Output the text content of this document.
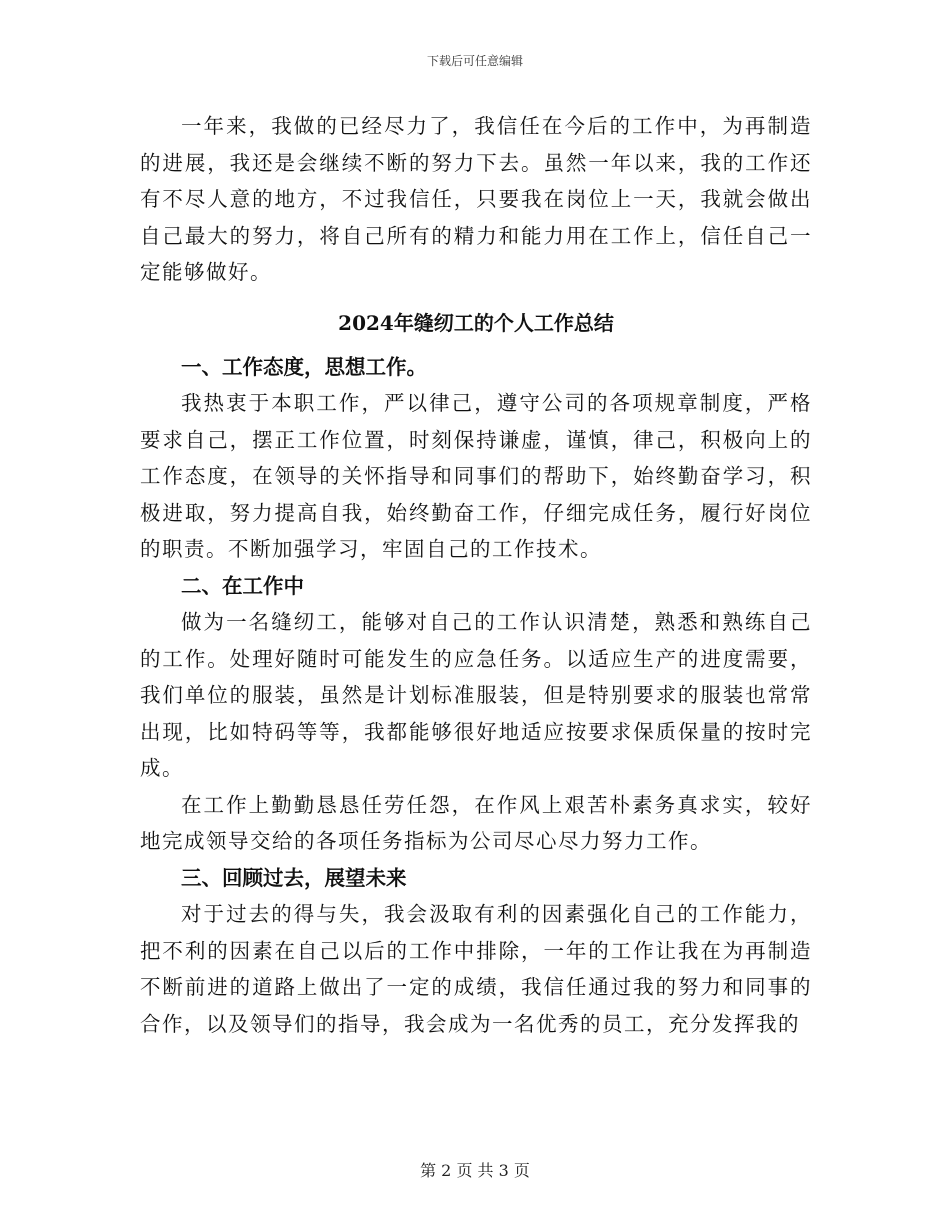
下载后可任意编辑

一年来，我做的已经尽力了，我信任在今后的工作中，为再制造的进展，我还是会继续不断的努力下去。虽然一年以来，我的工作还有不尽人意的地方，不过我信任，只要我在岗位上一天，我就会做出自己最大的努力，将自己所有的精力和能力用在工作上，信任自己一定能够做好。

2024年缝纫工的个人工作总结

一、工作态度，思想工作。

我热衷于本职工作，严以律己，遵守公司的各项规章制度，严格要求自己，摆正工作位置，时刻保持谦虚，谨慎，律己，积极向上的工作态度，在领导的关怀指导和同事们的帮助下，始终勤奋学习，积极进取，努力提高自我，始终勤奋工作，仔细完成任务，履行好岗位的职责。不断加强学习，牢固自己的工作技术。

二、在工作中

做为一名缝纫工，能够对自己的工作认识清楚，熟悉和熟练自己的工作。处理好随时可能发生的应急任务。以适应生产的进度需要，我们单位的服装，虽然是计划标准服装，但是特别要求的服装也常常出现，比如特码等等，我都能够很好地适应按要求保质保量的按时完成。

在工作上勤勤恳恳任劳任怨，在作风上艰苦朴素务真求实，较好地完成领导交给的各项任务指标为公司尽心尽力努力工作。

三、回顾过去，展望未来

对于过去的得与失，我会汲取有利的因素强化自己的工作能力，把不利的因素在自己以后的工作中排除，一年的工作让我在为再制造不断前进的道路上做出了一定的成绩，我信任通过我的努力和同事的合作，以及领导们的指导，我会成为一名优秀的员工，充分发挥我的

第 2 页 共 3 页
